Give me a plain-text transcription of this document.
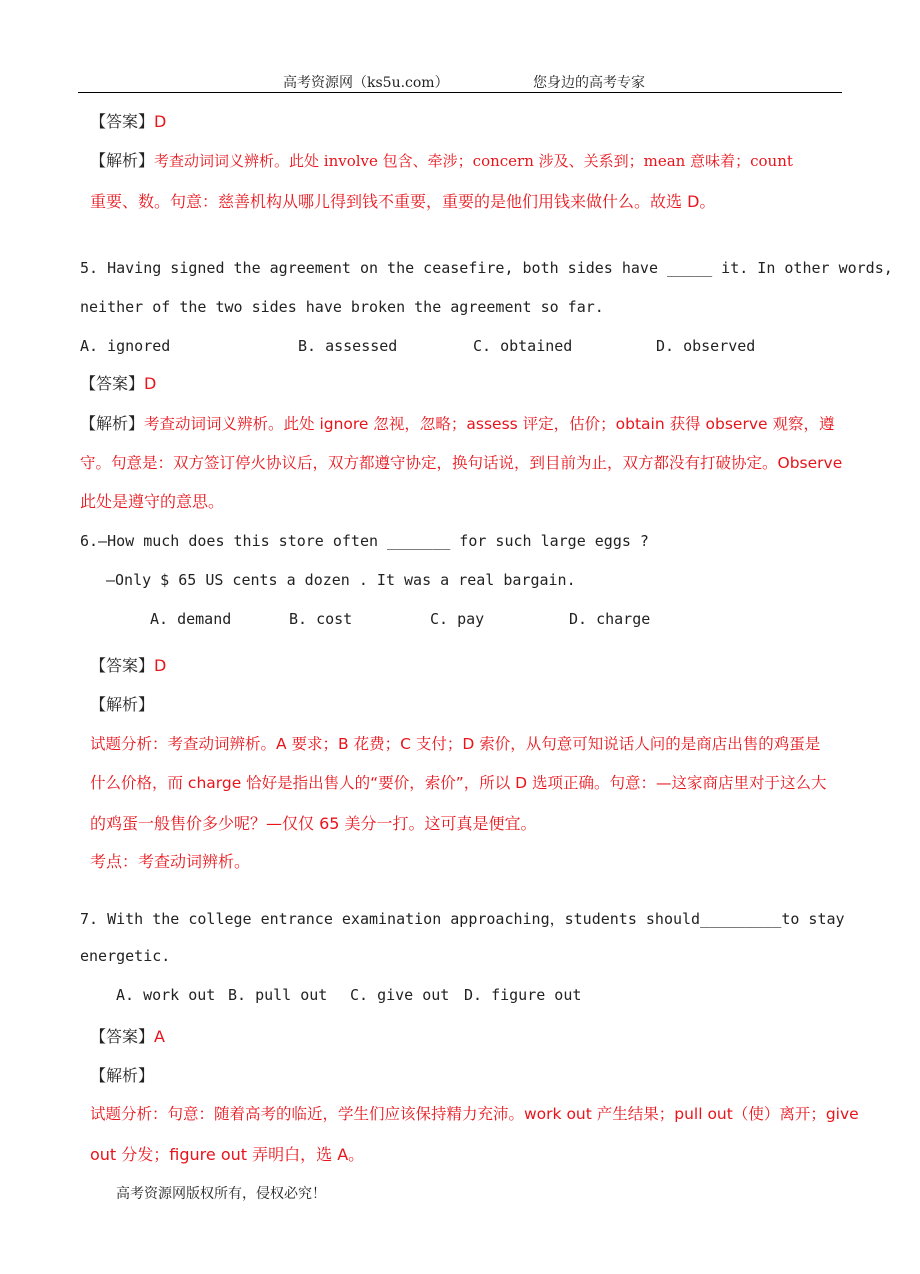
高考资源网（ks5u.com）	您身边的高考专家
【答案】D
【解析】考查动词词义辨析。此处 involve 包含、牵涉；concern 涉及、关系到；mean 意味着；count
重要、数。句意：慈善机构从哪儿得到钱不重要，重要的是他们用钱来做什么。故选 D。
5. Having signed the agreement on the ceasefire, both sides have _____ it. In other words,
neither of the two sides have broken the agreement so far.
A. ignored	B. assessed	C. obtained	D. observed
【答案】D
【解析】考查动词词义辨析。此处 ignore 忽视，忽略；assess 评定，估价；obtain 获得 observe 观察，遵
守。句意是：双方签订停火协议后，双方都遵守协定，换句话说，到目前为止，双方都没有打破协定。Observe
此处是遵守的意思。
6.—How much does this store often _______ for such large eggs ?
—Only $ 65 US cents a dozen . It was a real bargain.
A. demand	B. cost	C. pay	D. charge
【答案】D
【解析】
试题分析：考查动词辨析。A 要求；B 花费；C 支付；D 索价，从句意可知说话人问的是商店出售的鸡蛋是
什么价格，而 charge 恰好是指出售人的“要价，索价”，所以 D 选项正确。句意：—这家商店里对于这么大
的鸡蛋一般售价多少呢？—仅仅 65 美分一打。这可真是便宜。
考点：考查动词辨析。
7. With the college entrance examination approaching，students should_________to stay
energetic.
A. work out B. pull out C. give out D. figure out
【答案】A
【解析】
试题分析：句意：随着高考的临近，学生们应该保持精力充沛。work out 产生结果；pull out（使）离开；give
out 分发；figure out 弄明白，选 A。
高考资源网版权所有，侵权必究！
